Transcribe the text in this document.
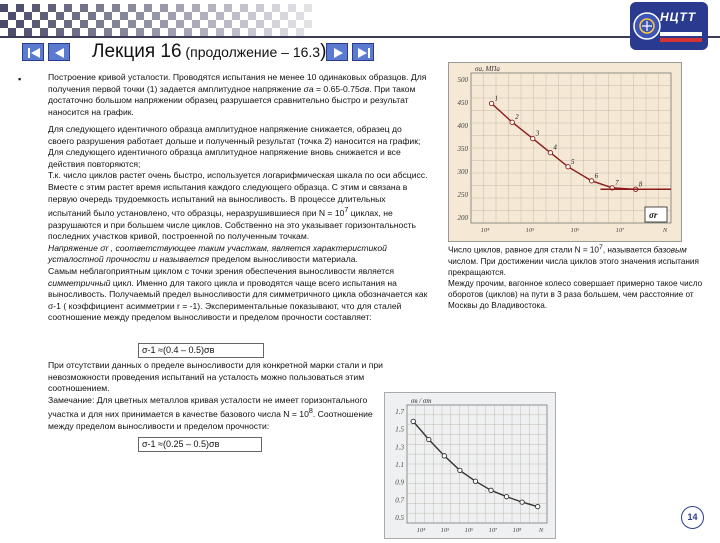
НЦТТ
Лекция 16 (продолжение – 16.3)
▪	Построение кривой усталости. Проводятся испытания не менее 10 одинаковых образцов. Для получения первой точки (1) задается амплитудное напряжение σа = 0.65-0.75σв. При таком достаточно большом напряжении образец разрушается сравнительно быстро и результат наносится на график.
Для следующего идентичного образца амплитудное напряжение снижается, образец до своего разрушения работает дольше и полученный результат (точка 2) наносится на график;
Для следующего идентичного образца амплитудное напряжение вновь снижается и все действия повторяются;
Т.к. число циклов растет очень быстро, используется логарифмическая шкала по оси абсцисс. Вместе с этим растет время испытания каждого следующего образца. С этим и связана в первую очередь трудоемкость испытаний на выносливость. В процессе длительных испытаний было установлено, что образцы, неразрушившиеся при $N = 10^7$ циклах, не разрушаются и при большем числе циклов. Собственно на это указывает горизонтальность последних участков кривой, построенной по полученным точкам.
Напряжение σr , соответствующее таким участкам, является характеристикой усталостной прочности и называется пределом выносливости материала.
Самым неблагоприятным циклом с точки зрения обеспечения выносливости является симметричный цикл. Именно для такого цикла и проводятся чаще всего испытания на выносливость. Получаемый предел выносливости для симметричного цикла обозначается как σ-1 ( коэффициент асимметрии r = -1). Экспериментальные показывают, что для сталей соотношение между пределом выносливости и пределом прочности составляет:
σ-1 ≈(0.4 – 0.5)σв
При отсутствии данных о пределе выносливости для конкретной марки стали и при невозможности проведения испытаний на усталость можно пользоваться этим соотношением.
Замечание: Для цветных металлов кривая усталости не имеет горизонтального участка и для них принимается в качестве базового числа $N = 10^8$. Соотношение между пределом выносливости и пределом прочности:
σ-1 ≈(0.25 – 0.5)σв
500
450
400
350
300
250
200
10⁴	10⁵	10⁶	10⁷	N
σa, МПа
1
2
3
4
5
6
7	8
σr
Число циклов, равное для стали $N = 10^7$, называется базовым числом. При достижении числа циклов этого значения испытания прекращаются.
Между прочим, вагонное колесо совершает примерно такое число оборотов (циклов) на пути в 3 раза большем, чем расстояние от Москвы до Владивостока.
1.7
1.5
1.3
1.1
0.9
0.7
0.5
10⁴ 10⁵ 10⁶ 10⁷ 10⁸	N
σв / σт
14
